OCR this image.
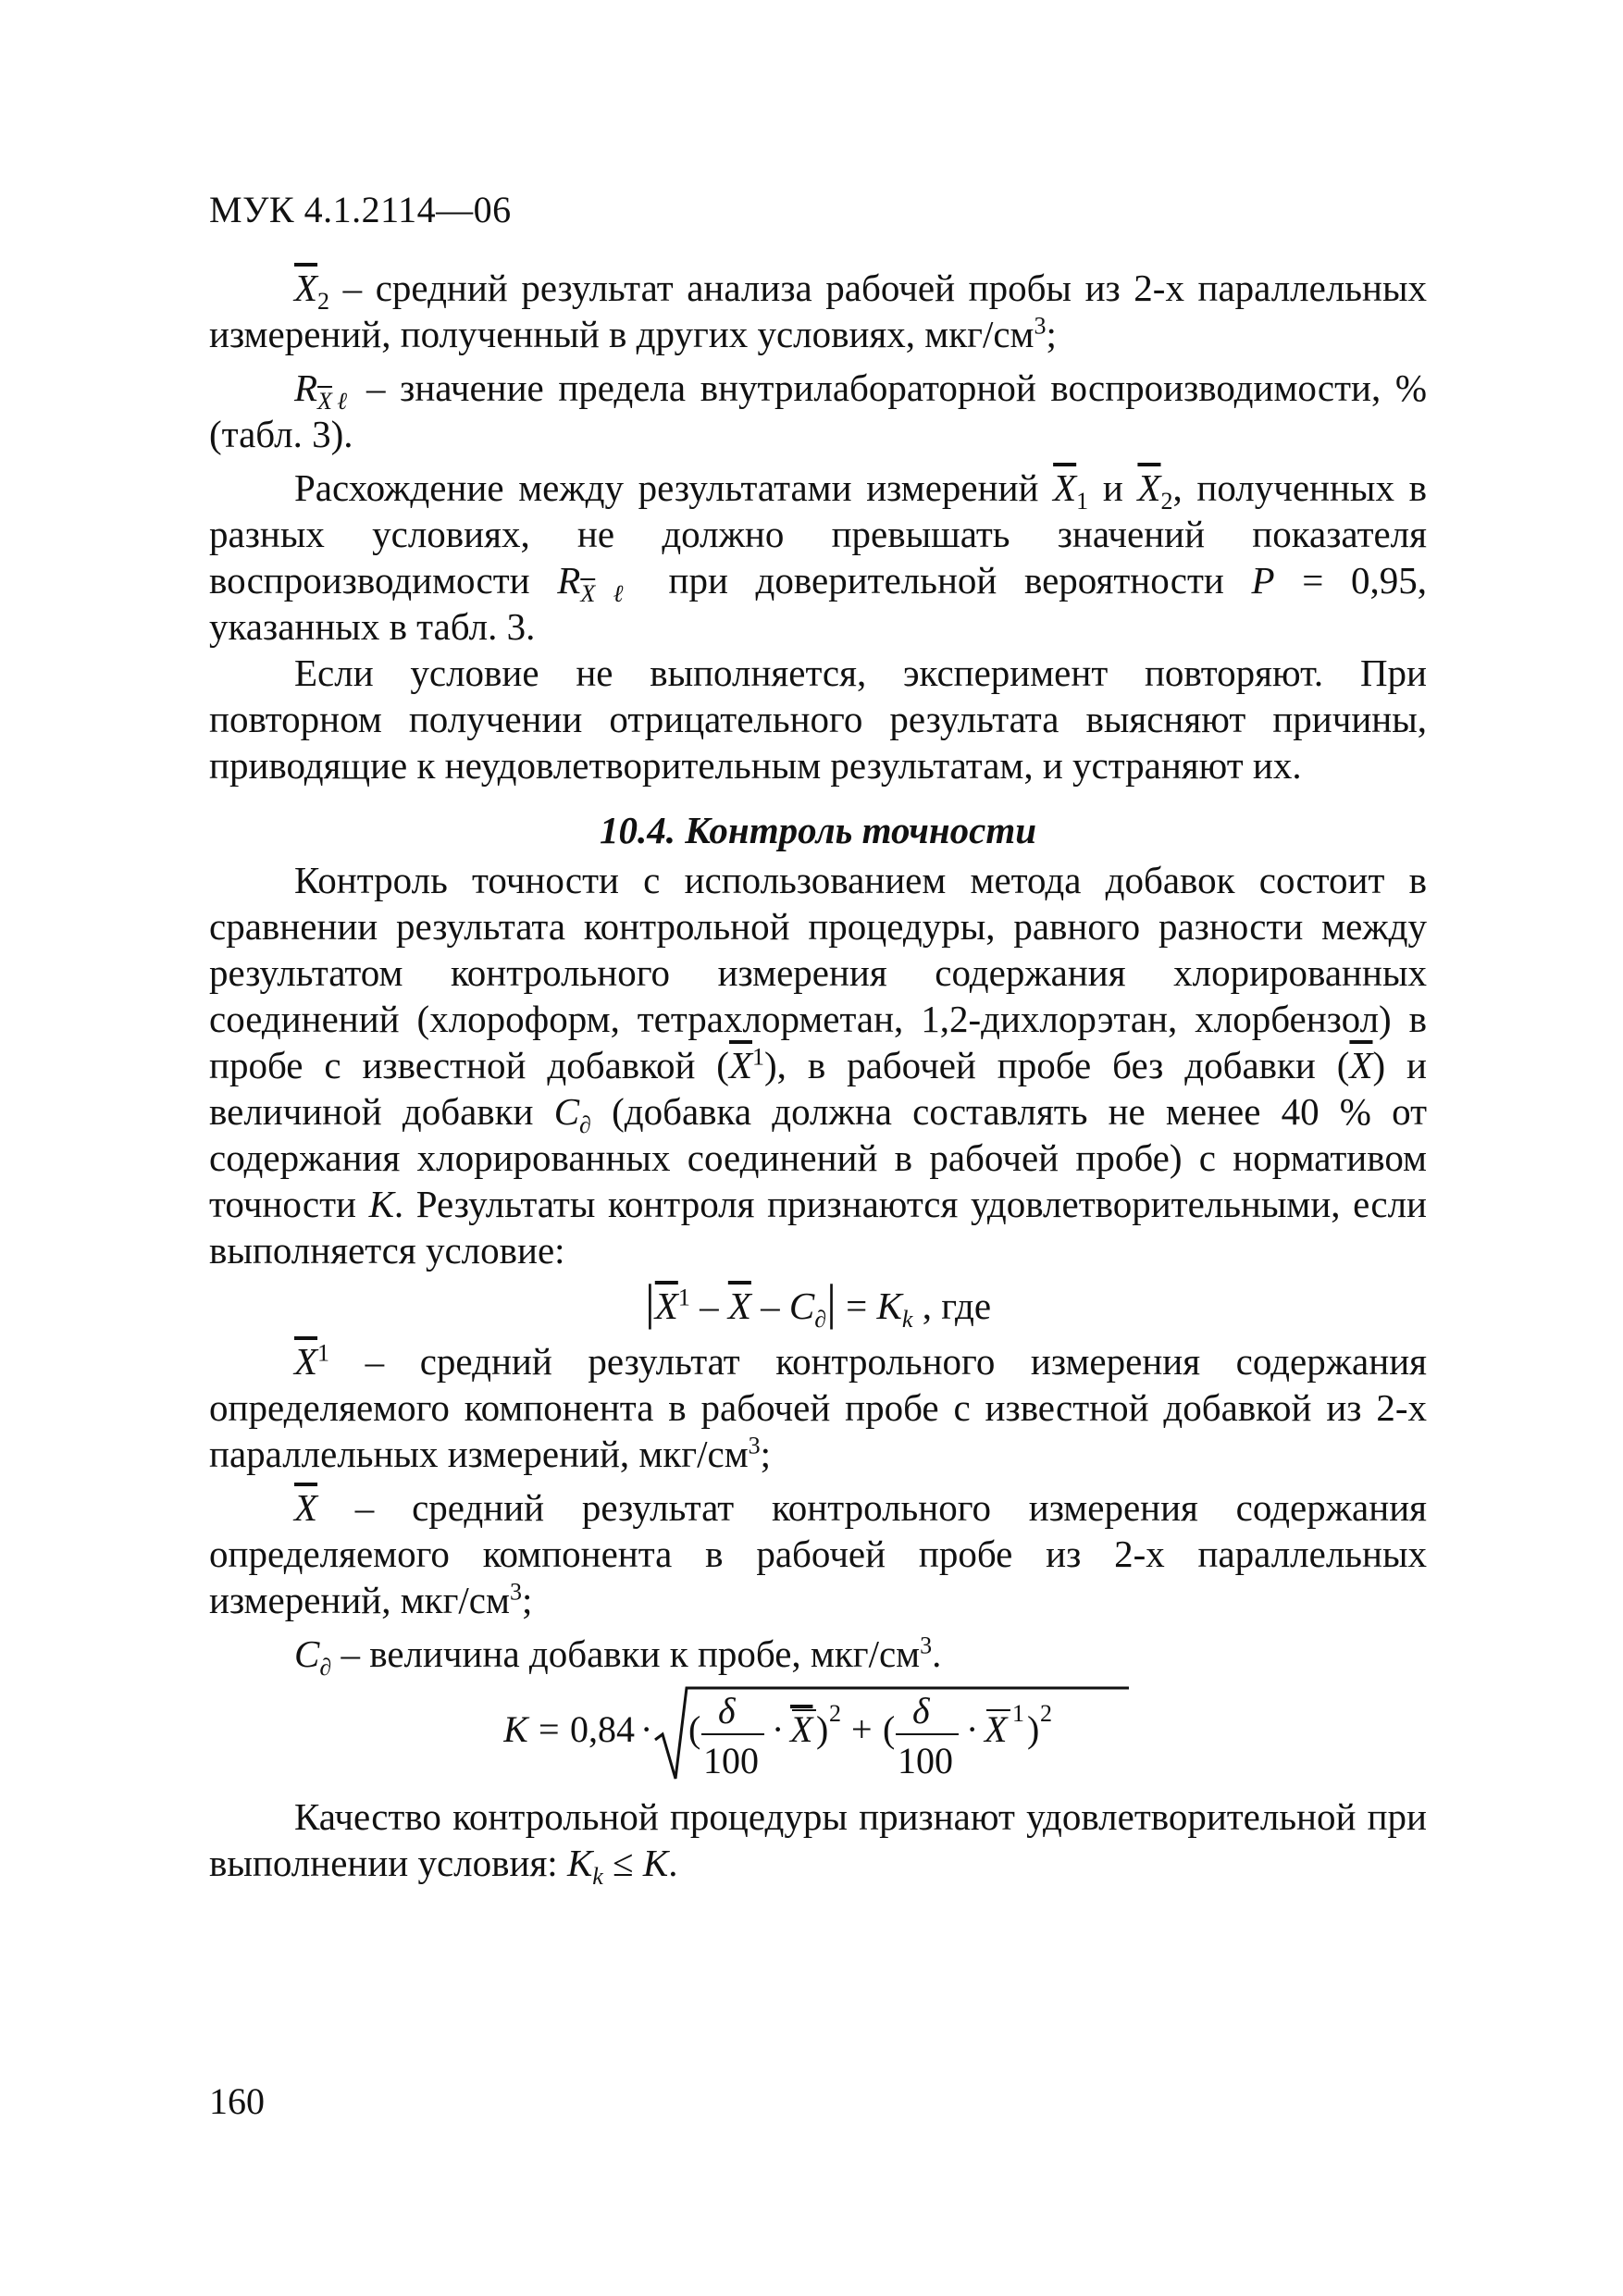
МУК 4.1.2114—06

$\overline{X}_2$ – средний результат анализа рабочей пробы из 2-х параллельных измерений, полученный в других условиях, мкг/$см^3$;

$R_{\overline{X}\ell}$ – значение предела внутрилабораторной воспроизводимости, % (табл. 3).

Расхождение между результатами измерений $\overline{X}_1$ и $\overline{X}_2$, полученных в разных условиях, не должно превышать значений показателя воспроизводимости $R_{\overline{X}\ell}$ при доверительной вероятности P = 0,95, указанных в табл. 3.

Если условие не выполняется, эксперимент повторяют. При повторном получении отрицательного результата выясняют причины, приводящие к неудовлетворительным результатам, и устраняют их.

10.4. Контроль точности

Контроль точности с использованием метода добавок состоит в сравнении результата контрольной процедуры, равного разности между результатом контрольного измерения содержания хлорированных соединений (хлороформ, тетрахлорметан, 1,2-дихлорэтан, хлорбензол) в пробе с известной добавкой $(\overline{X}^1)$, в рабочей пробе без добавки $(\overline{X})$ и величиной добавки $C_\partial$ (добавка должна составлять не менее 40 % от содержания хлорированных соединений в рабочей пробе) с нормативом точности K. Результаты контроля признаются удовлетворительными, если выполняется условие:

$|\overline{X}^1 - \overline{X} - C_\partial| = K_k$ , где

$\overline{X}^1$ – средний результат контрольного измерения содержания определяемого компонента в рабочей пробе с известной добавкой из 2-х параллельных измерений, мкг/$см^3$;

$\overline{X}$ – средний результат контрольного измерения содержания определяемого компонента в рабочей пробе из 2-х параллельных измерений, мкг/$см^3$;

$C_\partial$ – величина добавки к пробе, мкг/$см^3$.

K = 0,84 · ( δ
100
· X ) 2 + ( δ
100
· X 1 ) 2

Качество контрольной процедуры признают удовлетворительной при выполнении условия: $K_k \le K$.

160
